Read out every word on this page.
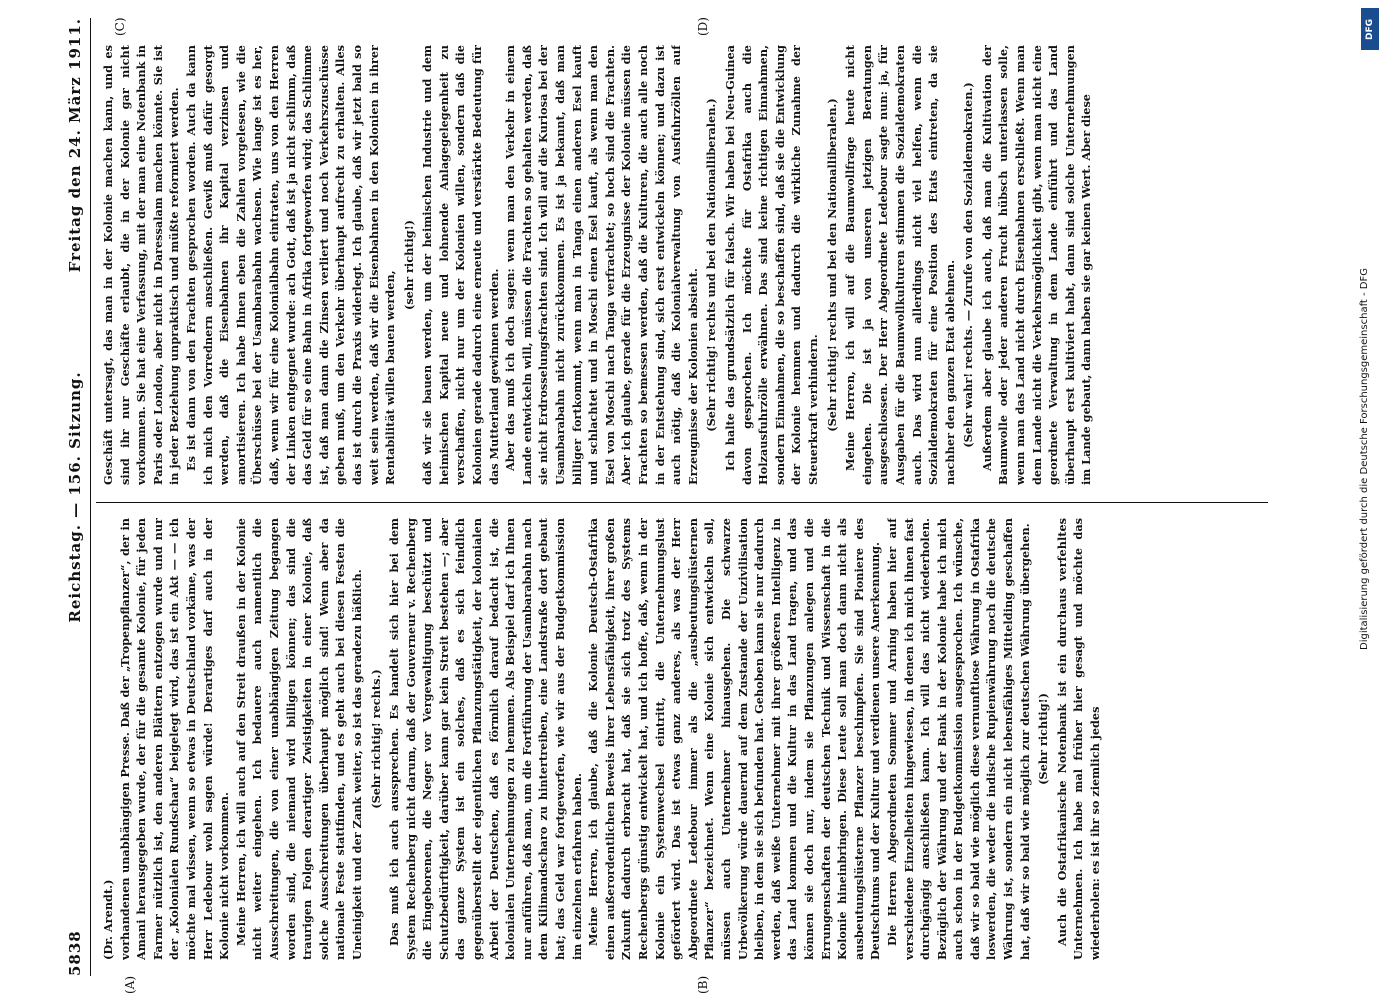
5838
Reichstag. — 156. Sitzung.
Freitag den 24. März 1911.
(A)	(B)
(C)	(D)

(Dr. Arendt.) vorhandenen unabhängigen Presse. Daß der „Tropenpflanzer“, der in Amani herausgegeben wurde, der für die gesamte Kolonie, für jeden Farmer nützlich ist, den anderen Blättern entzogen wurde und nur der „Kolonialen Rundschau“ beigelegt wird, das ist ein Akt — — ich möchte mal wissen, wenn so etwas in Deutschland vorkäme, was der Herr Ledebour wohl sagen würde! Derartiges darf auch in der Kolonie nicht vorkommen. Meine Herren, ich will auch auf den Streit draußen in der Kolonie nicht weiter eingehen. Ich bedauere auch namentlich die Ausschreitungen, die von einer unabhängigen Zeitung begangen worden sind, die niemand wird billigen können; das sind die traurigen Folgen derartiger Zwistigkeiten in einer Kolonie, daß solche Ausschreitungen überhaupt möglich sind! Wenn aber da nationale Feste stattfinden, und es geht auch bei diesen Festen die Uneinigkeit und der Zank weiter, so ist das geradezu häßlich. (Sehr richtig! rechts.) Das muß ich auch aussprechen. Es handelt sich hier bei dem System Rechenberg nicht darum, daß der Gouverneur v. Rechenberg die Eingeborenen, die Neger vor Vergewaltigung beschützt und Schutzbedürftigkeit, darüber kann gar kein Streit bestehen —; aber das ganze System ist ein solches, daß es sich feindlich gegenüberstellt der eigentlichen Pflanzungstätigkeit, der kolonialen Arbeit der Deutschen, daß es förmlich darauf bedacht ist, die kolonialen Unternehmungen zu hemmen. Als Beispiel darf ich Ihnen nur anführen, daß man, um die Fortführung der Usambarabahn nach dem Kilimandscharo zu hintertreiben, eine Landstraße dort gebaut hat; das Geld war fortgeworfen, wie wir aus der Budgetkommission im einzelnen erfahren haben. Meine Herren, ich glaube, daß die Kolonie Deutsch-Ostafrika einen außerordentlichen Beweis ihrer Lebensfähigkeit, ihrer großen Zukunft dadurch erbracht hat, daß sie sich trotz des Systems Rechenbergs günstig entwickelt hat, und ich hoffe, daß, wenn in der Kolonie ein Systemwechsel eintritt, die Unternehmungslust gefördert wird. Das ist etwas ganz anderes, als was der Herr Abgeordnete Ledebour immer als die „ausbeutungslüsternen Pflanzer“ bezeichnet. Wenn eine Kolonie sich entwickeln soll, müssen auch Unternehmer hinausgehen. Die schwarze Urbevölkerung würde dauernd auf dem Zustande der Unzivilisation bleiben, in dem sie sich befunden hat. Gehoben kann sie nur dadurch werden, daß weiße Unternehmer mit ihrer größeren Intelligenz in das Land kommen und die Kultur in das Land tragen, und das können sie doch nur, indem sie Pflanzungen anlegen und die Errungenschaften der deutschen Technik und Wissenschaft in die Kolonie hineinbringen. Diese Leute soll man doch dann nicht als ausbeutungslüsterne Pflanzer beschimpfen. Sie sind Pioniere des Deutschtums und der Kultur und verdienen unsere Anerkennung. Die Herren Abgeordneten Sommer und Arning haben hier auf verschiedene Einzelheiten hingewiesen, in denen ich mich ihnen fast durchgängig anschließen kann. Ich will das nicht wiederholen. Bezüglich der Währung und der Bank in der Kolonie habe ich mich auch schon in der Budgetkommission ausgesprochen. Ich wünsche, daß wir so bald wie möglich diese vernunftlose Währung in Ostafrika loswerden, die weder die indische Rupienwährung noch die deutsche Währung ist, sondern ein nicht lebensfähiges Mittelding geschaffen hat, daß wir so bald wie möglich zur deutschen Währung übergehen. (Sehr richtig!) Auch die Ostafrikanische Notenbank ist ein durchaus verfehltes Unternehmen. Ich habe mal früher hier gesagt und möchte das wiederholen: es ist ihr so ziemlich jedes

Geschäft untersagt, das man in der Kolonie machen kann, und es sind ihr nur Geschäfte erlaubt, die in der Kolonie gar nicht vorkommen. Sie hat eine Verfassung, mit der man eine Notenbank in Paris oder London, aber nicht in Daressalam machen könnte. Sie ist in jeder Beziehung unpraktisch und müßte reformiert werden. Es ist dann von den Frachten gesprochen worden. Auch da kann ich mich den Vorrednern anschließen. Gewiß muß dafür gesorgt werden, daß die Eisenbahnen ihr Kapital verzinsen und amortisieren. Ich habe Ihnen eben die Zahlen vorgelesen, wie die Überschüsse bei der Usambarabahn wachsen. Wie lange ist es her, daß, wenn wir für eine Kolonialbahn eintraten, uns von den Herren der Linken entgegnet wurde: ach Gott, daß ist ja nicht schlimm, daß das Geld für so eine Bahn in Afrika fortgeworfen wird; das Schlimme ist, daß man dann die Zinsen verliert und noch Verkehrszuschüsse geben muß, um den Verkehr überhaupt aufrecht zu erhalten. Alles das ist durch die Praxis widerlegt. Ich glaube, daß wir jetzt bald so weit sein werden, daß wir die Eisenbahnen in den Kolonien in ihrer Rentabilität willen bauen werden,

(sehr richtig!) daß wir sie bauen werden, um der heimischen Industrie und dem heimischen Kapital neue und lohnende Anlagegelegenheit zu verschaffen, nicht nur um der Kolonien willen, sondern daß die Kolonien gerade dadurch eine erneute und verstärkte Bedeutung für das Mutterland gewinnen werden. Aber das muß ich doch sagen: wenn man den Verkehr in einem Lande entwickeln will, müssen die Frachten so gehalten werden, daß sie nicht Erdrosselungsfrachten sind. Ich will auf die Kuriosa bei der Usambarabahn nicht zurückkommen. Es ist ja bekannt, daß man billiger fortkommt, wenn man in Tanga einen anderen Esel kauft und schlachtet und in Moschi einen Esel kauft, als wenn man den Esel von Moschi nach Tanga verfrachtet; so hoch sind die Frachten. Aber ich glaube, gerade für die Erzeugnisse der Kolonie müssen die Frachten so bemessen werden, daß die Kulturen, die auch alle noch in der Entstehung sind, sich erst entwickeln können; und dazu ist auch nötig, daß die Kolonialverwaltung von Ausfuhrzöllen auf Erzeugnisse der Kolonien absieht. (Sehr richtig! rechts und bei den Nationalliberalen.) Ich halte das grundsätzlich für falsch. Wir haben bei Neu-Guinea davon gesprochen. Ich möchte für Ostafrika auch die Holzausfuhrzölle erwähnen. Das sind keine richtigen Einnahmen, sondern Einnahmen, die so beschaffen sind, daß sie die Entwicklung der Kolonie hemmen und dadurch die wirkliche Zunahme der Steuerkraft verhindern. (Sehr richtig! rechts und bei den Nationalliberalen.) Meine Herren, ich will auf die Baumwollfrage heute nicht eingehen. Die ist ja von unseren jetzigen Beratungen ausgeschlossen. Der Herr Abgeordnete Ledebour sagte nun: ja, für Ausgaben für die Baumwollkulturen stimmen die Sozialdemokraten auch. Das wird nun allerdings nicht viel helfen, wenn die Sozialdemokraten für eine Position des Etats eintreten, da sie nachher den ganzen Etat ablehnen. (Sehr wahr! rechts. — Zurufe von den Sozialdemokraten.) Außerdem aber glaube ich auch, daß man die Kultivation der Baumwolle oder jeder anderen Frucht hübsch unterlassen solle, wenn man das Land nicht durch Eisenbahnen erschließt. Wenn man dem Lande nicht die Verkehrsmöglichkeit gibt, wenn man nicht eine geordnete Verwaltung in dem Lande einführt und das Land überhaupt erst kultiviert habt, dann sind solche Unternehmungen im Lande gebaut, dann haben sie gar keinen Wert. Aber diese

DFG
Digitalisierung gefördert durch die Deutsche Forschungsgemeinschaft - DFG
